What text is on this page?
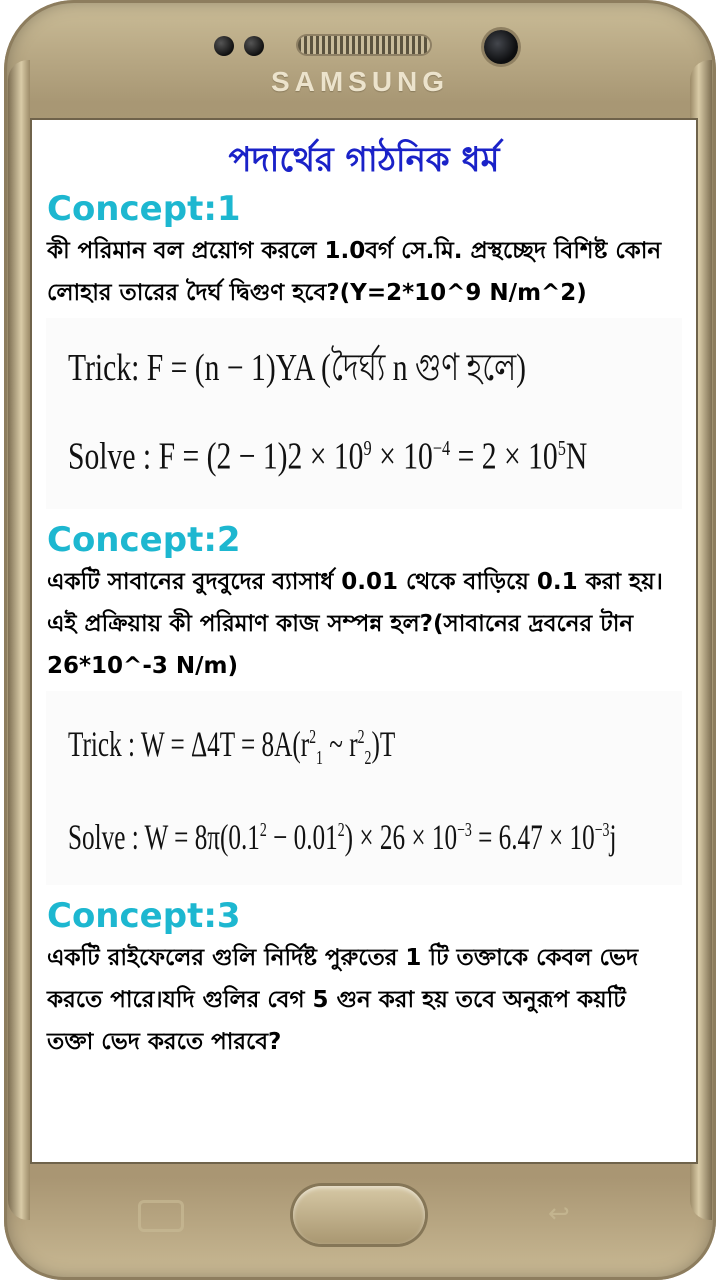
SAMSUNG
পদার্থের গাঠনিক ধর্ম
Concept:1
কী পরিমান বল প্রয়োগ করলে 1.0বর্গ সে.মি. প্রস্থচ্ছেদ বিশিষ্ট কোন লোহার তারের দৈর্ঘ দ্বিগুণ হবে?(Y=2*10^9 N/m^2)
Trick: F = (n − 1)YA (দৈর্ঘ্য n গুণ হলে)
Solve : $F = (2 - 1)2 \times 10^9 \times 10^{-4} = 2 \times 10^5N$
Concept:2
একটি সাবানের বুদবুদের ব্যাসার্ধ 0.01 থেকে বাড়িয়ে 0.1 করা হয়।এই প্রক্রিয়ায় কী পরিমাণ কাজ সম্পন্ন হল?(সাবানের দ্রবনের টান 26*10^-3 N/m)
Trick : $W = \Delta 4T = 8A(r^2_1$ ~ $r^2_2)T$
Solve : $W = 8\pi(0.1^2 - 0.01^2) \times 26 \times 10^{-3} = 6.47 \times 10^{-3}j$
Concept:3
একটি রাইফেলের গুলি নির্দিষ্ট পুরুতের 1 টি তক্তাকে কেবল ভেদ করতে পারে।যদি গুলির বেগ 5 গুন করা হয় তবে অনুরূপ কয়টি তক্তা ভেদ করতে পারবে?
↩
